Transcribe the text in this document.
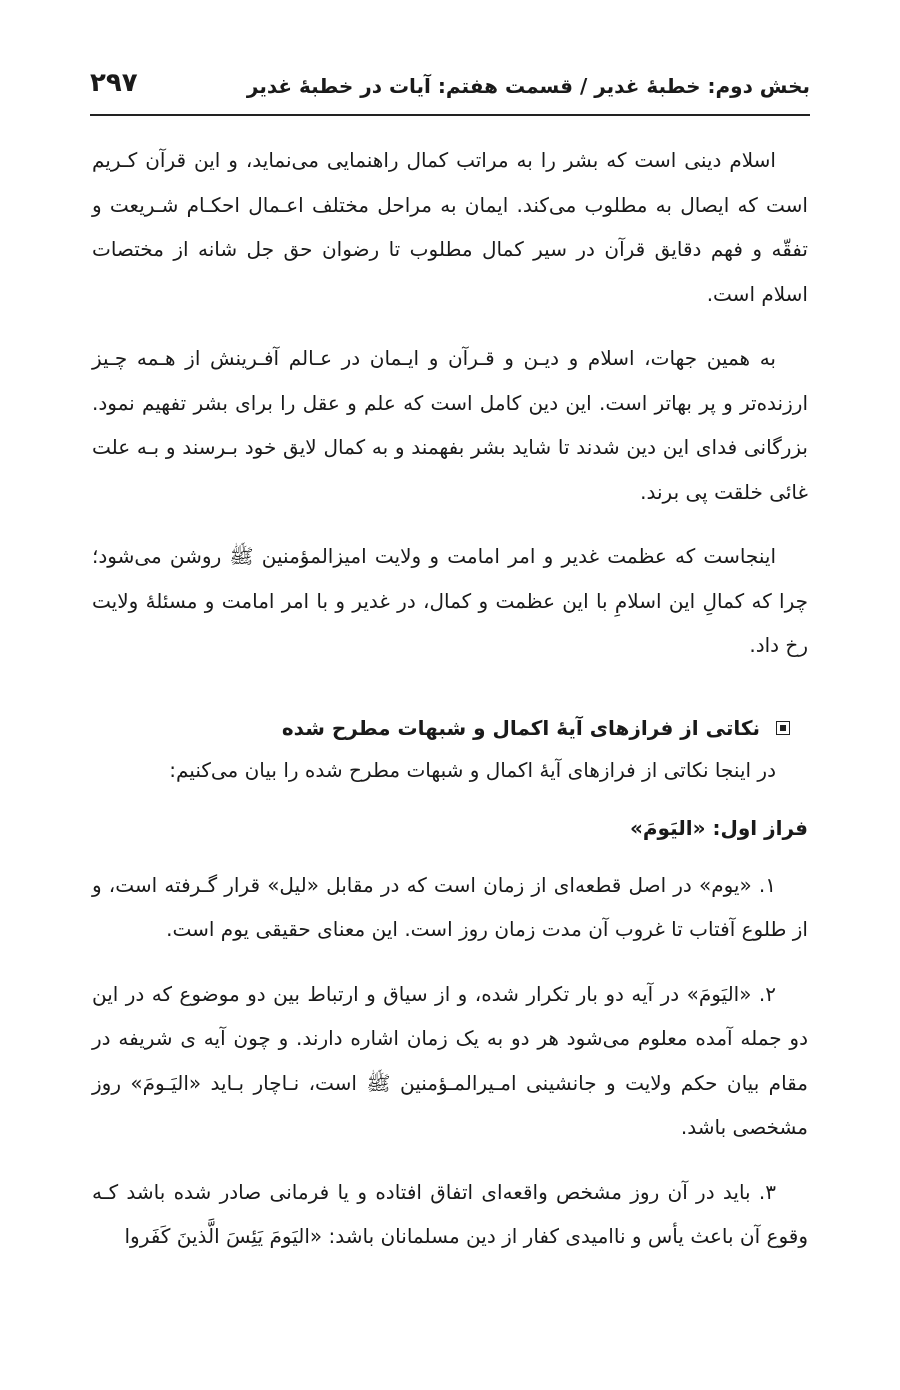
بخش دوم: خطبۀ غدیر / قسمت هفتم: آیات در خطبۀ غدیر
۲۹۷

اسلام دینی است که بشر را به مراتب کمال راهنمایی می‌نماید، و این قرآن کـریم است که ایصال به مطلوب می‌کند. ایمان به مراحل مختلف اعـمال احکـام شـریعت و تفقّه و فهم دقایق قرآن در سیر کمال مطلوب تا رضوان حق جل شانه از مختصات اسلام است.

به همین جهات، اسلام و دیـن و قـرآن و ایـمان در عـالم آفـرینش از هـمه چـیز ارزنده‌تر و پر بهاتر است. این دین کامل است که علم و عقل را برای بشر تفهیم نمود. بزرگانی فدای این دین شدند تا شاید بشر بفهمند و به کمال لایق خود بـرسند و بـه علت غائی خلقت پی برند.

اینجاست که عظمت غدیر و امر امامت و ولایت امیزالمؤمنین ﷺ روشن می‌شود؛ چرا که کمالِ این اسلامِ با این عظمت و کمال، در غدیر و با امر امامت و مسئلۀ ولایت رخ داد.

نکاتی از فرازهای آیۀ اکمال و شبهات مطرح شده

در اینجا نکاتی از فرازهای آیۀ اکمال و شبهات مطرح شده را بیان می‌کنیم:

فراز اول: «الیَومَ»

۱. «یوم» در اصل قطعه‌ای از زمان است که در مقابل «لیل» قرار گـرفته است، و از طلوع آفتاب تا غروب آن مدت زمان روز است. این معنای حقیقی یوم است.

۲. «الیَومَ» در آیه دو بار تکرار شده، و از سیاق و ارتباط بین دو موضوع که در این دو جمله آمده معلوم می‌شود هر دو به یک زمان اشاره دارند. و چون آیه ی شریفه در مقام بیان حکم ولایت و جانشینی امـیرالمـؤمنین ﷺ است، نـاچار بـاید «الیَـومَ» روز مشخصی باشد.

۳. باید در آن روز مشخص واقعه‌ای اتفاق افتاده و یا فرمانی صادر شده باشد کـه وقوع آن باعث یأس و ناامیدی کفار از دین مسلمانان باشد: «الیَومَ یَئِسَ الَّذینَ کَفَروا
